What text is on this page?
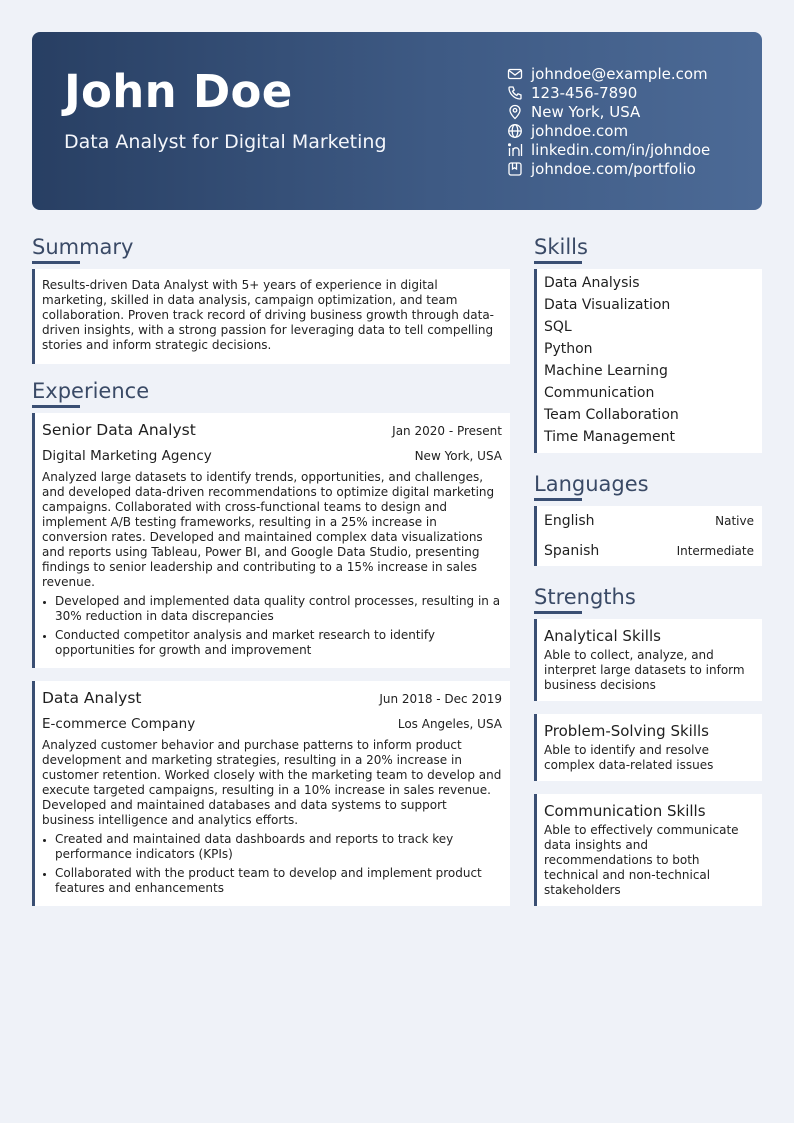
John Doe
Data Analyst for Digital Marketing
johndoe@example.com
123-456-7890
New York, USA
johndoe.com
linkedin.com/in/johndoe
johndoe.com/portfolio
Summary
Results-driven Data Analyst with 5+ years of experience in digital marketing, skilled in data analysis, campaign optimization, and team collaboration. Proven track record of driving business growth through data-driven insights, with a strong passion for leveraging data to tell compelling stories and inform strategic decisions.
Experience
Senior Data Analyst	Jan 2020 - Present
Digital Marketing Agency	New York, USA
Analyzed large datasets to identify trends, opportunities, and challenges, and developed data-driven recommendations to optimize digital marketing campaigns. Collaborated with cross-functional teams to design and implement A/B testing frameworks, resulting in a 25% increase in conversion rates. Developed and maintained complex data visualizations and reports using Tableau, Power BI, and Google Data Studio, presenting findings to senior leadership and contributing to a 15% increase in sales revenue.
• Developed and implemented data quality control processes, resulting in a 30% reduction in data discrepancies
• Conducted competitor analysis and market research to identify opportunities for growth and improvement
Data Analyst	Jun 2018 - Dec 2019
E-commerce Company	Los Angeles, USA
Analyzed customer behavior and purchase patterns to inform product development and marketing strategies, resulting in a 20% increase in customer retention. Worked closely with the marketing team to develop and execute targeted campaigns, resulting in a 10% increase in sales revenue. Developed and maintained databases and data systems to support business intelligence and analytics efforts.
• Created and maintained data dashboards and reports to track key performance indicators (KPIs)
• Collaborated with the product team to develop and implement product features and enhancements
Skills
Data Analysis
Data Visualization
SQL
Python
Machine Learning
Communication
Team Collaboration
Time Management
Languages
English	Native
Spanish	Intermediate
Strengths
Analytical Skills
Able to collect, analyze, and interpret large datasets to inform business decisions
Problem-Solving Skills
Able to identify and resolve complex data-related issues
Communication Skills
Able to effectively communicate data insights and recommendations to both technical and non-technical stakeholders
